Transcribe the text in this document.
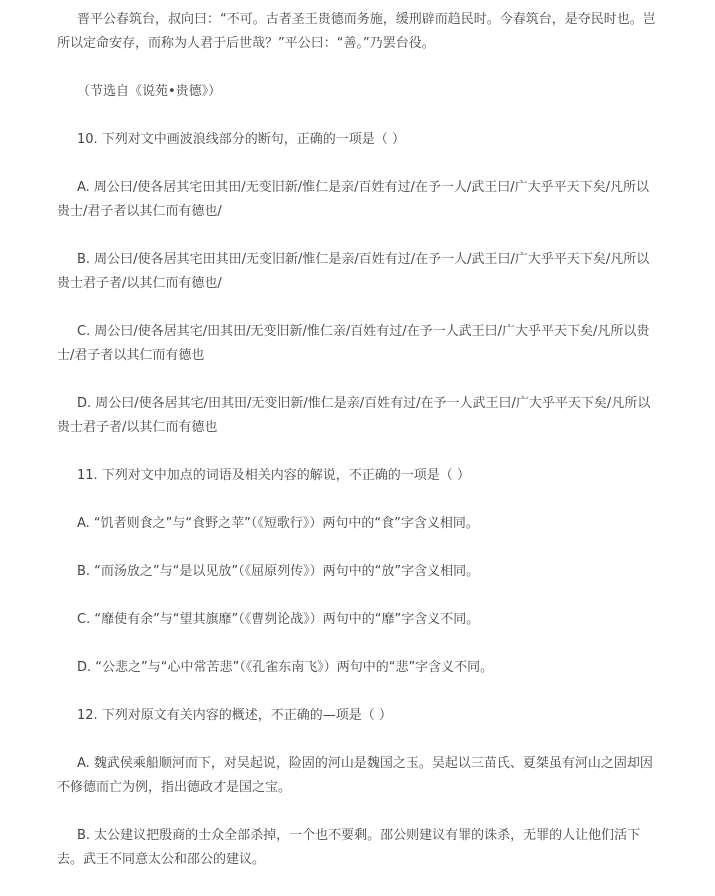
晋平公春筑台，叔向曰：“不可。古者圣王贵德而务施，缓刑辟而趋民时。今春筑台，是夺民时也。岂所以定命安存，而称为人君于后世哉？”平公曰：“善。”乃罢台役。

（节选自《说苑•贵德》）

10. 下列对文中画波浪线部分的断句，正确的一项是（ ）

A. 周公曰/使各居其宅田其田/无变旧新/惟仁是亲/百姓有过/在予一人/武王曰/广大乎平天下矣/凡所以贵士/君子者以其仁而有德也/

B. 周公曰/使各居其宅田其田/无变旧新/惟仁是亲/百姓有过/在予一人/武王曰/广大乎平天下矣/凡所以贵士君子者/以其仁而有德也/

C. 周公曰/使各居其宅/田其田/无变旧新/惟仁亲/百姓有过/在予一人武王曰/广大乎平天下矣/凡所以贵士/君子者以其仁而有德也

D. 周公曰/使各居其宅/田其田/无变旧新/惟仁是亲/百姓有过/在予一人武王曰/广大乎平天下矣/凡所以贵士君子者/以其仁而有德也

11. 下列对文中加点的词语及相关内容的解说，不正确的一项是（ ）

A. “饥者则食之”与“食野之苹”（《短歌行》）两句中的“食”字含义相同。

B. “而汤放之”与“是以见放”（《屈原列传》）两句中的“放”字含义相同。

C. “靡使有余”与“望其旗靡”（《曹刿论战》）两句中的“靡”字含义不同。

D. “公悲之”与“心中常苦悲”（《孔雀东南飞》）两句中的“悲”字含义不同。

12. 下列对原文有关内容的概述，不正确的—项是（ ）

A. 魏武侯乘船顺河而下，对吴起说，险固的河山是魏国之玉。吴起以三苗氏、夏桀虽有河山之固却因不修德而亡为例，指出德政才是国之宝。

B. 太公建议把殷商的士众全部杀掉，一个也不要剩。邵公则建议有罪的诛杀，无罪的人让他们活下去。武王不同意太公和邵公的建议。
